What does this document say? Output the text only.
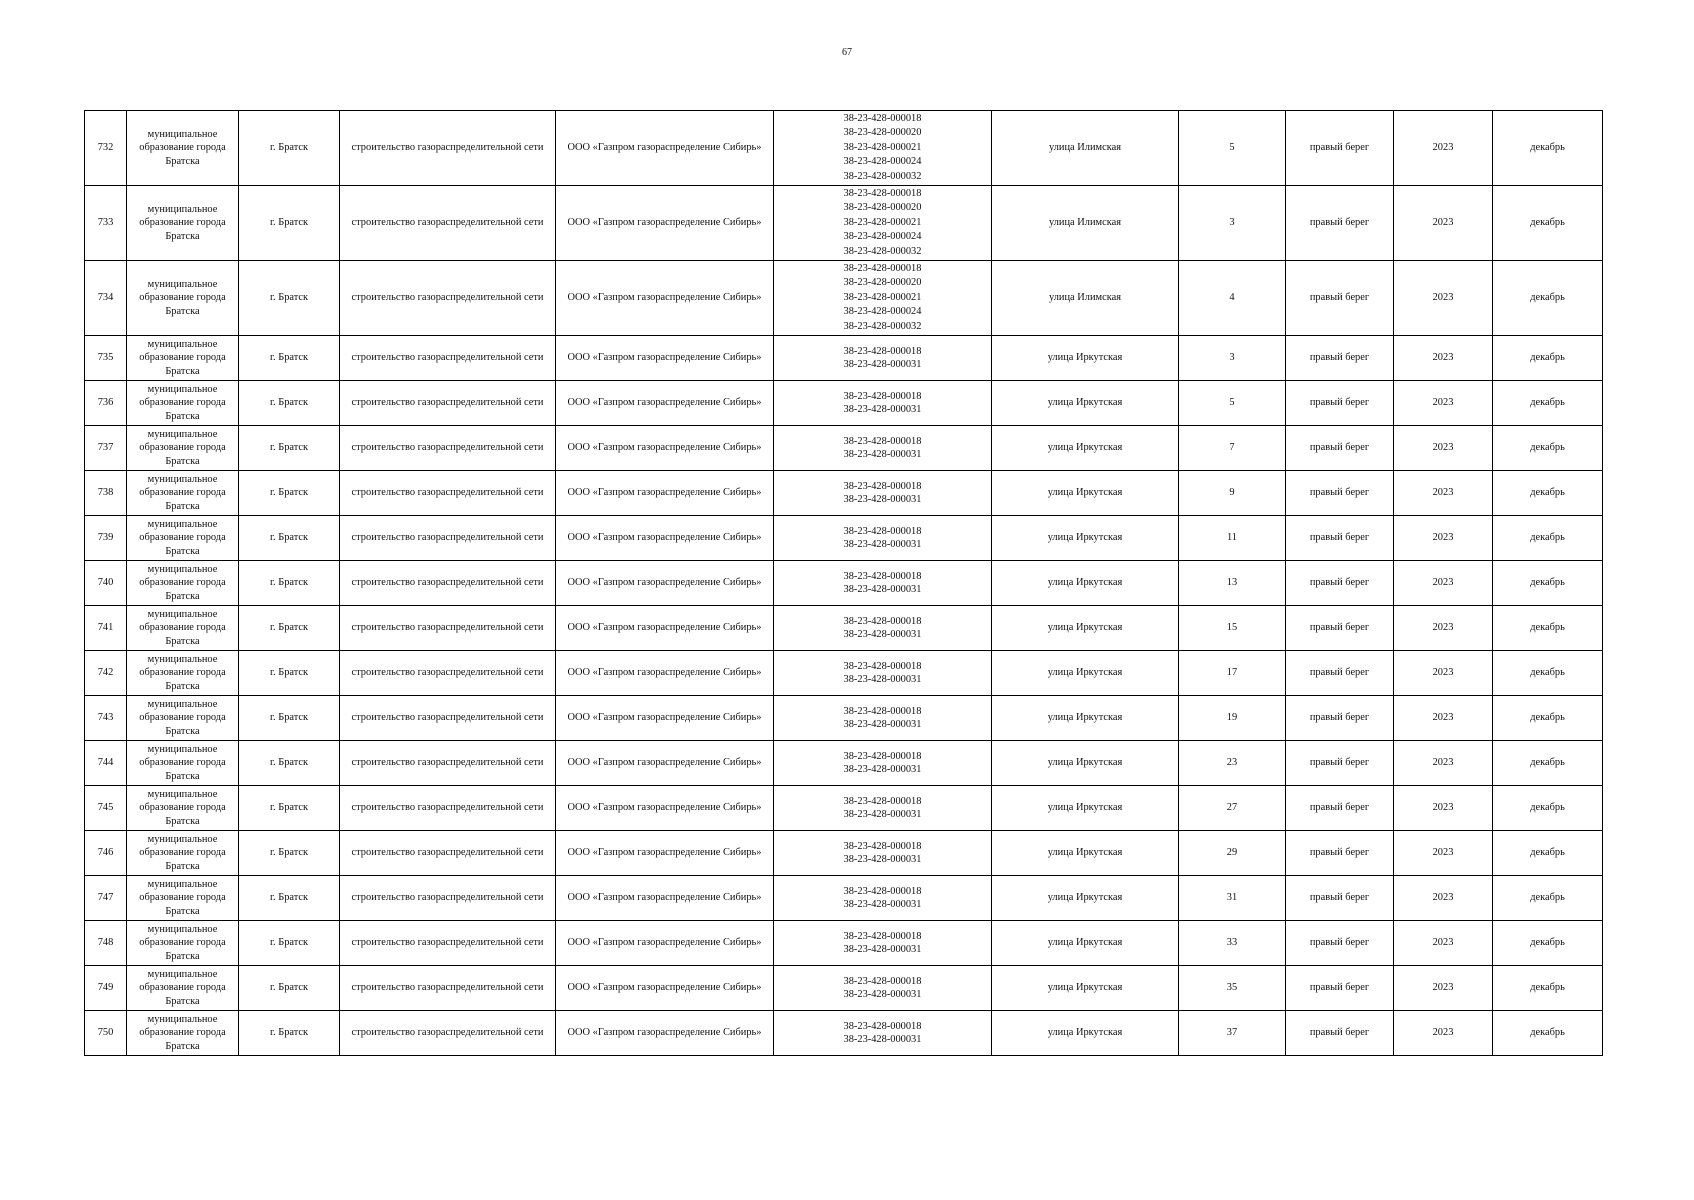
67
732	муниципальное
образование города
Братска	г. Братск	строительство газораспределительной сети	ООО «Газпром газораспределение Сибирь»	38-23-428-000018
38-23-428-000020
38-23-428-000021
38-23-428-000024
38-23-428-000032	улица Илимская	5	правый берег	2023	декабрь
733	муниципальное
образование города
Братска	г. Братск	строительство газораспределительной сети	ООО «Газпром газораспределение Сибирь»	38-23-428-000018
38-23-428-000020
38-23-428-000021
38-23-428-000024
38-23-428-000032	улица Илимская	3	правый берег	2023	декабрь
734	муниципальное
образование города
Братска	г. Братск	строительство газораспределительной сети	ООО «Газпром газораспределение Сибирь»	38-23-428-000018
38-23-428-000020
38-23-428-000021
38-23-428-000024
38-23-428-000032	улица Илимская	4	правый берег	2023	декабрь
735	муниципальное
образование города
Братска	г. Братск	строительство газораспределительной сети	ООО «Газпром газораспределение Сибирь»	38-23-428-000018
38-23-428-000031	улица Иркутская	3	правый берег	2023	декабрь
736	муниципальное
образование города
Братска	г. Братск	строительство газораспределительной сети	ООО «Газпром газораспределение Сибирь»	38-23-428-000018
38-23-428-000031	улица Иркутская	5	правый берег	2023	декабрь
737	муниципальное
образование города
Братска	г. Братск	строительство газораспределительной сети	ООО «Газпром газораспределение Сибирь»	38-23-428-000018
38-23-428-000031	улица Иркутская	7	правый берег	2023	декабрь
738	муниципальное
образование города
Братска	г. Братск	строительство газораспределительной сети	ООО «Газпром газораспределение Сибирь»	38-23-428-000018
38-23-428-000031	улица Иркутская	9	правый берег	2023	декабрь
739	муниципальное
образование города
Братска	г. Братск	строительство газораспределительной сети	ООО «Газпром газораспределение Сибирь»	38-23-428-000018
38-23-428-000031	улица Иркутская	11	правый берег	2023	декабрь
740	муниципальное
образование города
Братска	г. Братск	строительство газораспределительной сети	ООО «Газпром газораспределение Сибирь»	38-23-428-000018
38-23-428-000031	улица Иркутская	13	правый берег	2023	декабрь
741	муниципальное
образование города
Братска	г. Братск	строительство газораспределительной сети	ООО «Газпром газораспределение Сибирь»	38-23-428-000018
38-23-428-000031	улица Иркутская	15	правый берег	2023	декабрь
742	муниципальное
образование города
Братска	г. Братск	строительство газораспределительной сети	ООО «Газпром газораспределение Сибирь»	38-23-428-000018
38-23-428-000031	улица Иркутская	17	правый берег	2023	декабрь
743	муниципальное
образование города
Братска	г. Братск	строительство газораспределительной сети	ООО «Газпром газораспределение Сибирь»	38-23-428-000018
38-23-428-000031	улица Иркутская	19	правый берег	2023	декабрь
744	муниципальное
образование города
Братска	г. Братск	строительство газораспределительной сети	ООО «Газпром газораспределение Сибирь»	38-23-428-000018
38-23-428-000031	улица Иркутская	23	правый берег	2023	декабрь
745	муниципальное
образование города
Братска	г. Братск	строительство газораспределительной сети	ООО «Газпром газораспределение Сибирь»	38-23-428-000018
38-23-428-000031	улица Иркутская	27	правый берег	2023	декабрь
746	муниципальное
образование города
Братска	г. Братск	строительство газораспределительной сети	ООО «Газпром газораспределение Сибирь»	38-23-428-000018
38-23-428-000031	улица Иркутская	29	правый берег	2023	декабрь
747	муниципальное
образование города
Братска	г. Братск	строительство газораспределительной сети	ООО «Газпром газораспределение Сибирь»	38-23-428-000018
38-23-428-000031	улица Иркутская	31	правый берег	2023	декабрь
748	муниципальное
образование города
Братска	г. Братск	строительство газораспределительной сети	ООО «Газпром газораспределение Сибирь»	38-23-428-000018
38-23-428-000031	улица Иркутская	33	правый берег	2023	декабрь
749	муниципальное
образование города
Братска	г. Братск	строительство газораспределительной сети	ООО «Газпром газораспределение Сибирь»	38-23-428-000018
38-23-428-000031	улица Иркутская	35	правый берег	2023	декабрь
750	муниципальное
образование города
Братска	г. Братск	строительство газораспределительной сети	ООО «Газпром газораспределение Сибирь»	38-23-428-000018
38-23-428-000031	улица Иркутская	37	правый берег	2023	декабрь
